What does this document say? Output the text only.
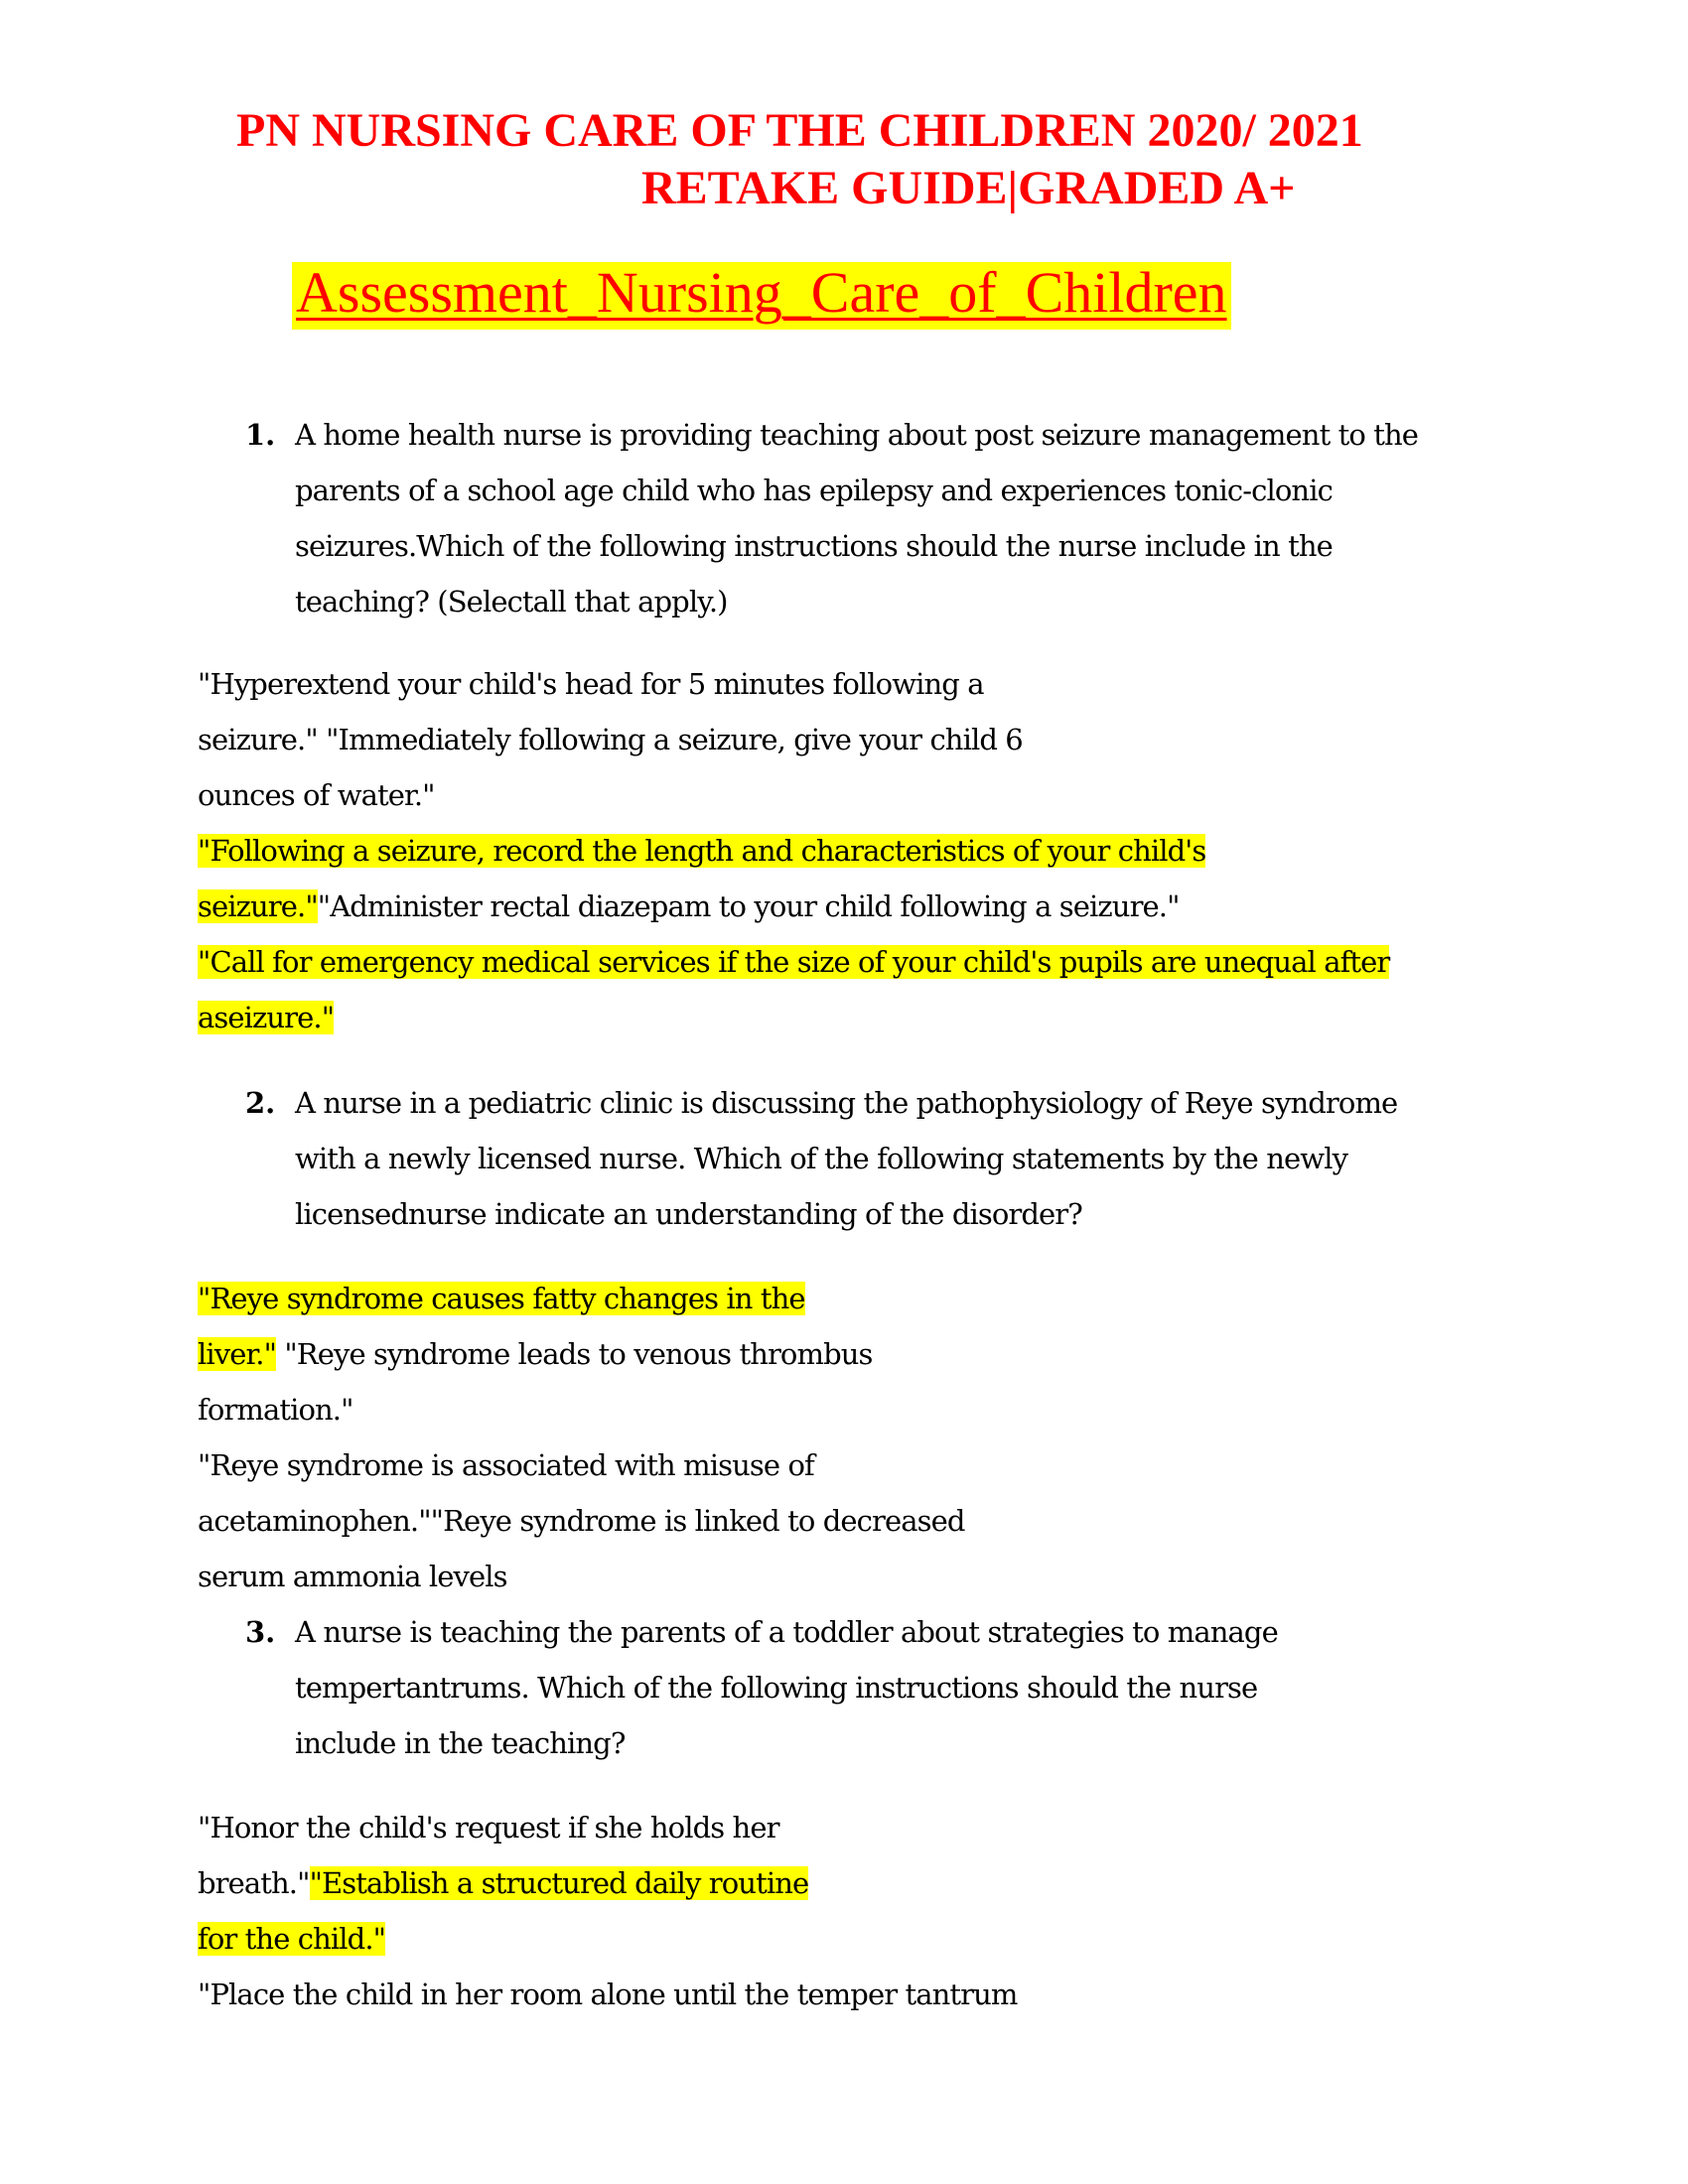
PN NURSING CARE OF THE CHILDREN 2020/ 2021
RETAKE GUIDE|GRADED A+
Assessment_Nursing_Care_of_Children
1. A home health nurse is providing teaching about post seizure management to the
parents of a school age child who has epilepsy and experiences tonic-clonic
seizures.Which of the following instructions should the nurse include in the
teaching? (Selectall that apply.)
"Hyperextend your child's head for 5 minutes following a
seizure." "Immediately following a seizure, give your child 6
ounces of water."
"Following a seizure, record the length and characteristics of your child's
seizure.""Administer rectal diazepam to your child following a seizure."
"Call for emergency medical services if the size of your child's pupils are unequal after
aseizure."
2. A nurse in a pediatric clinic is discussing the pathophysiology of Reye syndrome
with a newly licensed nurse. Which of the following statements by the newly
licensednurse indicate an understanding of the disorder?
"Reye syndrome causes fatty changes in the
liver." "Reye syndrome leads to venous thrombus
formation."
"Reye syndrome is associated with misuse of
acetaminophen.""Reye syndrome is linked to decreased
serum ammonia levels
3. A nurse is teaching the parents of a toddler about strategies to manage
tempertantrums. Which of the following instructions should the nurse
include in the teaching?
"Honor the child's request if she holds her
breath.""Establish a structured daily routine
for the child."
"Place the child in her room alone until the temper tantrum
